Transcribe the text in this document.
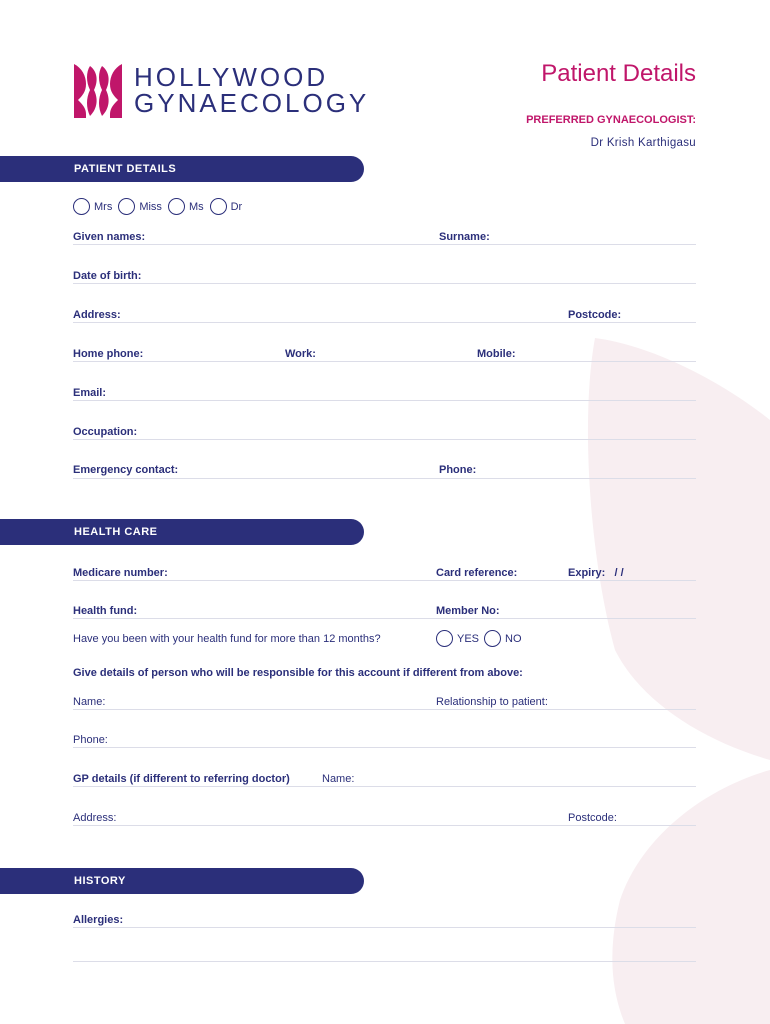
HOLLYWOOD
GYNAECOLOGY
Patient Details
PREFERRED GYNAECOLOGIST:
Dr Krish Karthigasu
PATIENT DETAILS
Mrs Miss Ms Dr
Given names:	Surname:
Date of birth:
Address:	Postcode:
Home phone:	Work:	Mobile:
Email:
Occupation:
Emergency contact:	Phone:
HEALTH CARE
Medicare number:	Card reference:	Expiry: / /
Health fund:	Member No:
Have you been with your health fund for more than 12 months?	YES NO
Give details of person who will be responsible for this account if different from above:
Name:	Relationship to patient:
Phone:
GP details (if different to referring doctor)	Name:
Address:	Postcode:
HISTORY
Allergies:
